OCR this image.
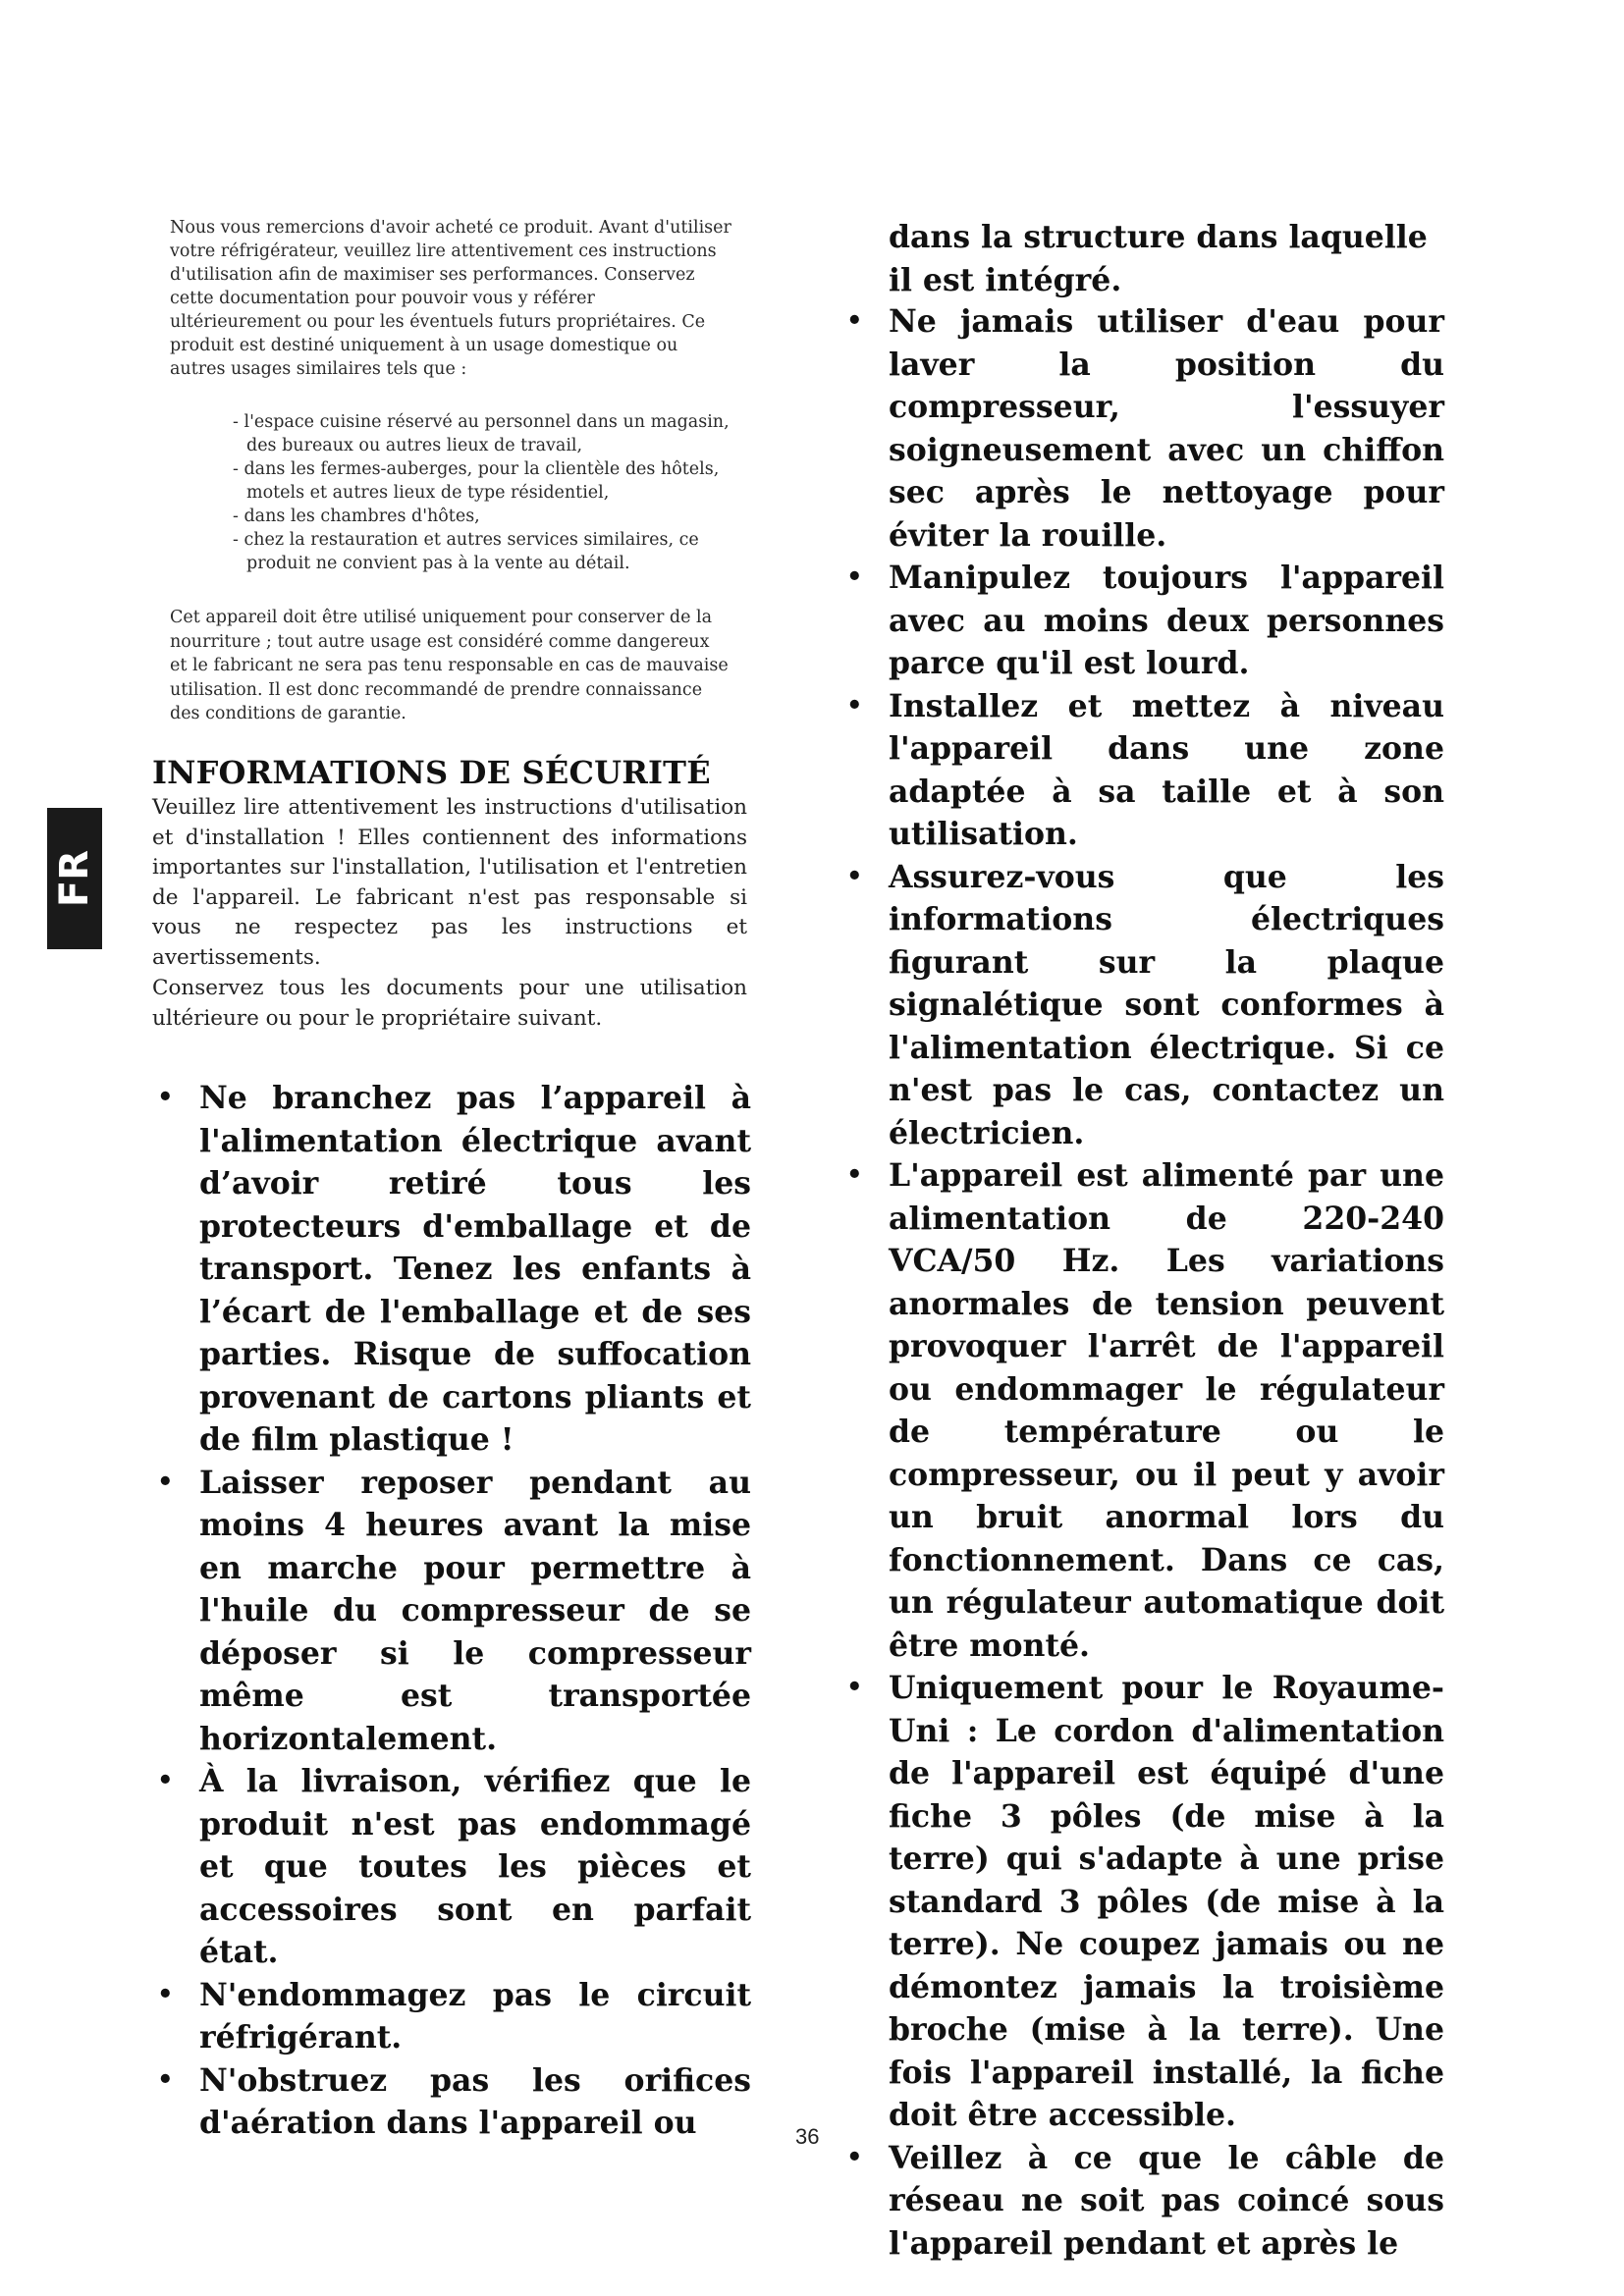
FR

Nous vous remercions d'avoir acheté ce produit. Avant d'utiliser votre réfrigérateur, veuillez lire attentivement ces instructions d'utilisation afin de maximiser ses performances. Conservez cette documentation pour pouvoir vous y référer ultérieurement ou pour les éventuels futurs propriétaires. Ce produit est destiné uniquement à un usage domestique ou autres usages similaires tels que :

- l'espace cuisine réservé au personnel dans un magasin, des bureaux ou autres lieux de travail,
- dans les fermes-auberges, pour la clientèle des hôtels, motels et autres lieux de type résidentiel,
- dans les chambres d'hôtes,
- chez la restauration et autres services similaires, ce produit ne convient pas à la vente au détail.

Cet appareil doit être utilisé uniquement pour conserver de la nourriture ; tout autre usage est considéré comme dangereux et le fabricant ne sera pas tenu responsable en cas de mauvaise utilisation. Il est donc recommandé de prendre connaissance des conditions de garantie.

INFORMATIONS DE SÉCURITÉ

Veuillez lire attentivement les instructions d'utilisation et d'installation ! Elles contiennent des informations importantes sur l'installation, l'utilisation et l'entretien de l'appareil. Le fabricant n'est pas responsable si vous ne respectez pas les instructions et avertissements.

Conservez tous les documents pour une utilisation ultérieure ou pour le propriétaire suivant.

• Ne branchez pas l’appareil à l'alimentation électrique avant d’avoir retiré tous les protecteurs d'emballage et de transport. Tenez les enfants à l’écart de l'emballage et de ses parties. Risque de suffocation provenant de cartons pliants et de film plastique !
• Laisser reposer pendant au moins 4 heures avant la mise en marche pour permettre à l'huile du compresseur de se déposer si le compresseur même est transportée horizontalement.
• À la livraison, vérifiez que le produit n'est pas endommagé et que toutes les pièces et accessoires sont en parfait état.
• N'endommagez pas le circuit réfrigérant.
• N'obstruez pas les orifices d'aération dans l'appareil ou

dans la structure dans laquelle il est intégré.

• Ne jamais utiliser d'eau pour laver la position du compresseur, l'essuyer soigneusement avec un chiffon sec après le nettoyage pour éviter la rouille.
• Manipulez toujours l'appareil avec au moins deux personnes parce qu'il est lourd.
• Installez et mettez à niveau l'appareil dans une zone adaptée à sa taille et à son utilisation.
• Assurez-vous que les informations électriques figurant sur la plaque signalétique sont conformes à l'alimentation électrique. Si ce n'est pas le cas, contactez un électricien.
• L'appareil est alimenté par une alimentation de 220-240 VCA/50 Hz. Les variations anormales de tension peuvent provoquer l'arrêt de l'appareil ou endommager le régulateur de température ou le compresseur, ou il peut y avoir un bruit anormal lors du fonctionnement. Dans ce cas, un régulateur automatique doit être monté.
• Uniquement pour le Royaume-Uni : Le cordon d'alimentation de l'appareil est équipé d'une fiche 3 pôles (de mise à la terre) qui s'adapte à une prise standard 3 pôles (de mise à la terre). Ne coupez jamais ou ne démontez jamais la troisième broche (mise à la terre). Une fois l'appareil installé, la fiche doit être accessible.
• Veillez à ce que le câble de réseau ne soit pas coincé sous l'appareil pendant et après le
36
